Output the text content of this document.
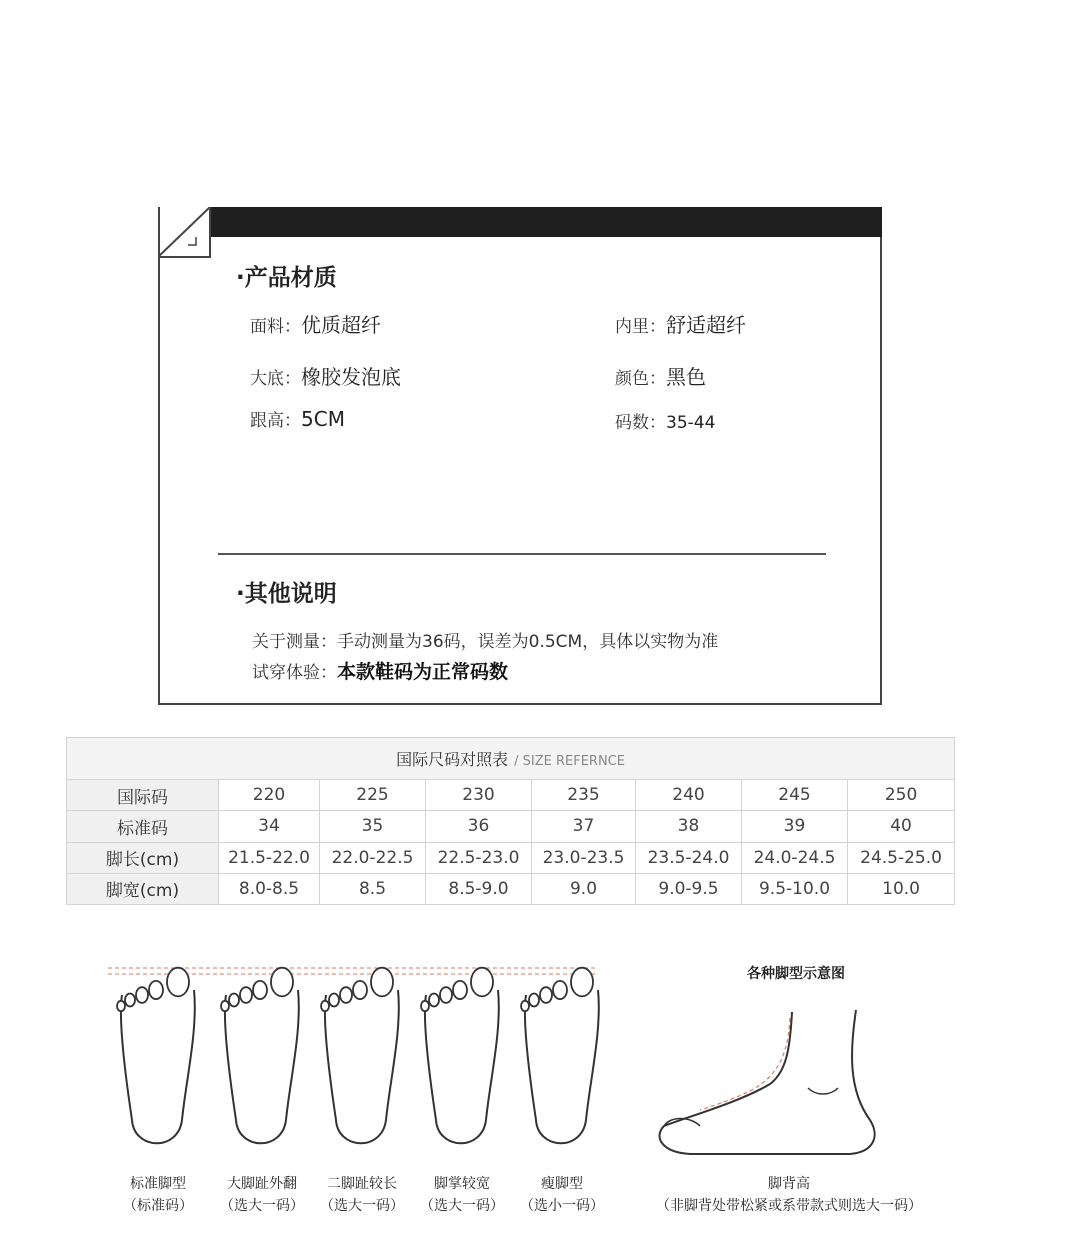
·产品材质
面料：优质超纤	内里：舒适超纤
大底：橡胶发泡底	颜色：黑色
跟高：5CM	码数：35-44
·其他说明
关于测量：手动测量为36码，误差为0.5CM，具体以实物为准
试穿体验：本款鞋码为正常码数
国际尺码对照表 / SIZE REFERNCE							
国际码	220	225	230	235	240	245	250
标准码	34	35	36	37	38	39	40
脚长(cm)	21.5-22.0	22.0-22.5	22.5-23.0	23.0-23.5	23.5-24.0	24.0-24.5	24.5-25.0
脚宽(cm)	8.0-8.5	8.5	8.5-9.0	9.0	9.0-9.5	9.5-10.0	10.0
标准脚型
（标准码）
大脚趾外翻
（选大一码）
二脚趾较长
（选大一码）
脚掌较宽
（选大一码）
瘦脚型
（选小一码）
各种脚型示意图
脚背高
（非脚背处带松紧或系带款式则选大一码）
